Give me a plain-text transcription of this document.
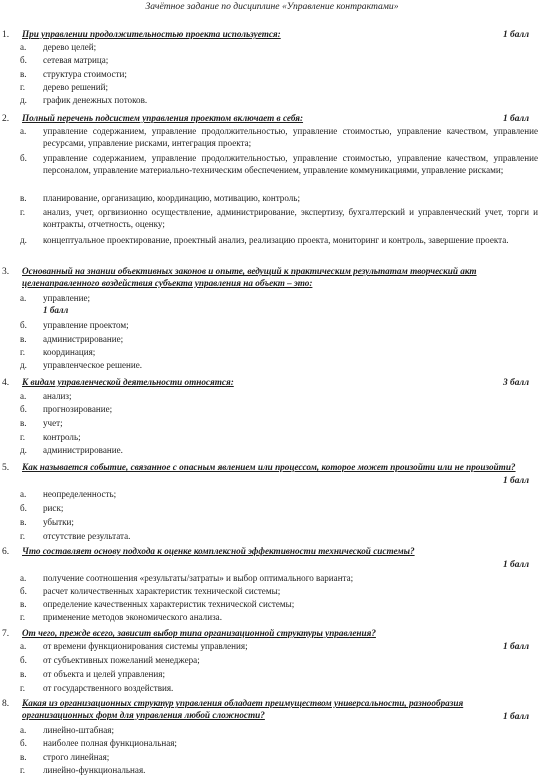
Зачётное задание по дисциплине «Управление контрактами»
1. При управлении продолжительностью проекта используется:	1 балл
а.	дерево целей;
б.	сетевая матрица;
в.	структура стоимости;
г.	дерево решений;
д.	график денежных потоков.
2. Полный перечень подсистем управления проектом включает в себя:	1 балл
а.	управление содержанием, управление продолжительностью, управление стоимостью, управление качеством, управление ресурсами, управление рисками, интеграция проекта;
б.	управление содержанием, управление продолжительностью, управление стоимостью, управление качеством, управление персоналом, управление материально-техническим обеспечением, управление коммуникациями, управление рисками;
в.	планирование, организацию, координацию, мотивацию, контроль;
г.	анализ, учет, оргвизионно осуществление, администрирование, экспертизу, бухгалтерский и управленческий учет, торги и контракты, отчетность, оценку;
д.	концептуальное проектирование, проектный анализ, реализацию проекта, мониторинг и контроль, завершение проекта.
3. Основанный на знании объективных законов и опыте, ведущий к практическим результатам творческий акт целенаправленного воздействия субъекта управления на объект – это:
а.	управление;
1 балл
б.	управление проектом;
в.	администрирование;
г.	координация;
д.	управленческое решение.
4. К видам управленческой деятельности относятся:	3 балл
а.	анализ;
б.	прогнозирование;
в.	учет;
г.	контроль;
д.	администрирование.
5. Как называется событие, связанное с опасным явлением или процессом, которое может произойти или не произойти?
1 балл
а.	неопределенность;
б.	риск;
в.	убытки;
г.	отсутствие результата.
6. Что составляет основу подхода к оценке комплексной эффективности технической системы?
1 балл
а.	получение соотношения «результаты/затраты» и выбор оптимального варианта;
б.	расчет количественных характеристик технической системы;
в.	определение качественных характеристик технической системы;
г.	применение методов экономического анализа.
7. От чего, прежде всего, зависит выбор типа организационной структуры управления?
1 балл
а.	от времени функционирования системы управления;
б.	от субъективных пожеланий менеджера;
в.	от объекта и целей управления;
г.	от государственного воздействия.
8. Какая из организационных структур управления обладает преимуществом универсальности, разнообразия организационных форм для управления любой сложности?	1 балл
а.	линейно-штабная;
б.	наиболее полная функциональная;
в.	строго линейная;
г.	линейно-функциональная.
